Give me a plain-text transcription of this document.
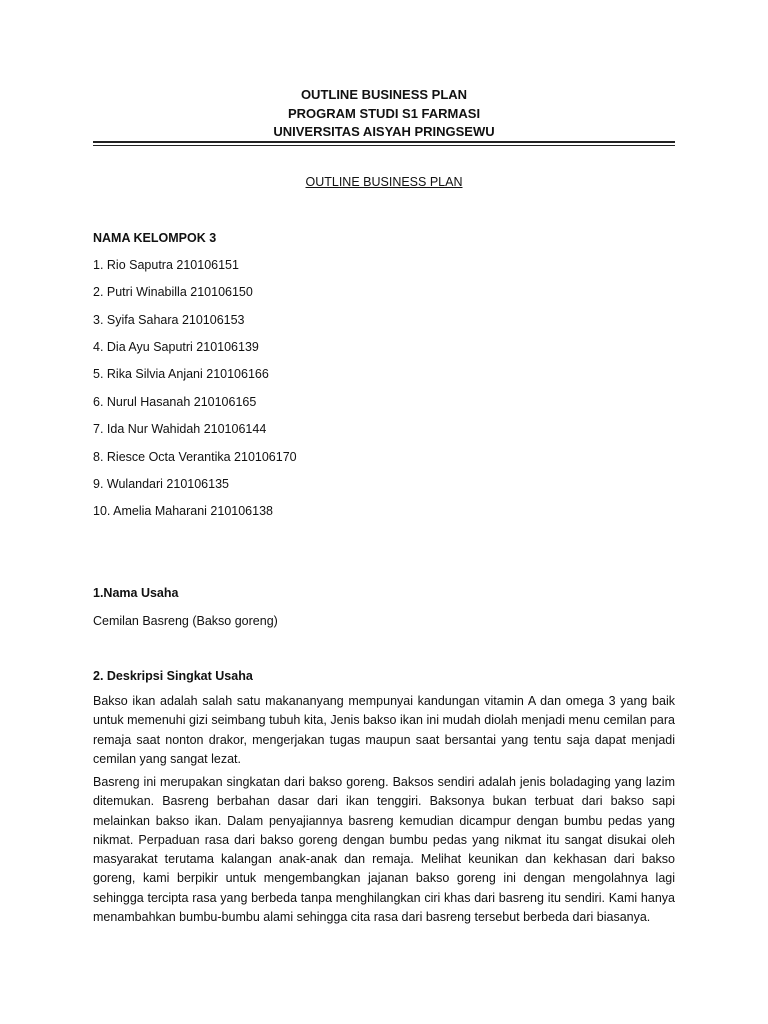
OUTLINE BUSINESS PLAN
PROGRAM STUDI S1 FARMASI
UNIVERSITAS AISYAH PRINGSEWU
OUTLINE BUSINESS PLAN
NAMA KELOMPOK 3
1. Rio Saputra 210106151
2. Putri Winabilla 210106150
3. Syifa Sahara 210106153
4. Dia Ayu Saputri 210106139
5. Rika Silvia Anjani 210106166
6. Nurul Hasanah 210106165
7. Ida Nur Wahidah 210106144
8. Riesce Octa Verantika 210106170
9. Wulandari 210106135
10. Amelia Maharani 210106138
1.Nama Usaha
Cemilan Basreng (Bakso goreng)
2. Deskripsi Singkat Usaha
Bakso ikan adalah salah satu makananyang mempunyai kandungan vitamin A dan omega 3 yang baik untuk memenuhi gizi seimbang tubuh kita, Jenis bakso ikan ini mudah diolah menjadi menu cemilan para remaja saat nonton drakor, mengerjakan tugas maupun saat bersantai yang tentu saja dapat menjadi cemilan yang sangat lezat.
Basreng ini merupakan singkatan dari bakso goreng. Baksos sendiri adalah jenis boladaging yang lazim ditemukan. Basreng berbahan dasar dari ikan tenggiri. Baksonya bukan terbuat dari bakso sapi melainkan bakso ikan. Dalam penyajiannya basreng kemudian dicampur dengan bumbu pedas yang nikmat. Perpaduan rasa dari bakso goreng dengan bumbu pedas yang nikmat itu sangat disukai oleh masyarakat terutama kalangan anak-anak dan remaja. Melihat keunikan dan kekhasan dari bakso goreng, kami berpikir untuk mengembangkan jajanan bakso goreng ini dengan mengolahnya lagi sehingga tercipta rasa yang berbeda tanpa menghilangkan ciri khas dari basreng itu sendiri. Kami hanya menambahkan bumbu-bumbu alami sehingga cita rasa dari basreng tersebut berbeda dari biasanya.
